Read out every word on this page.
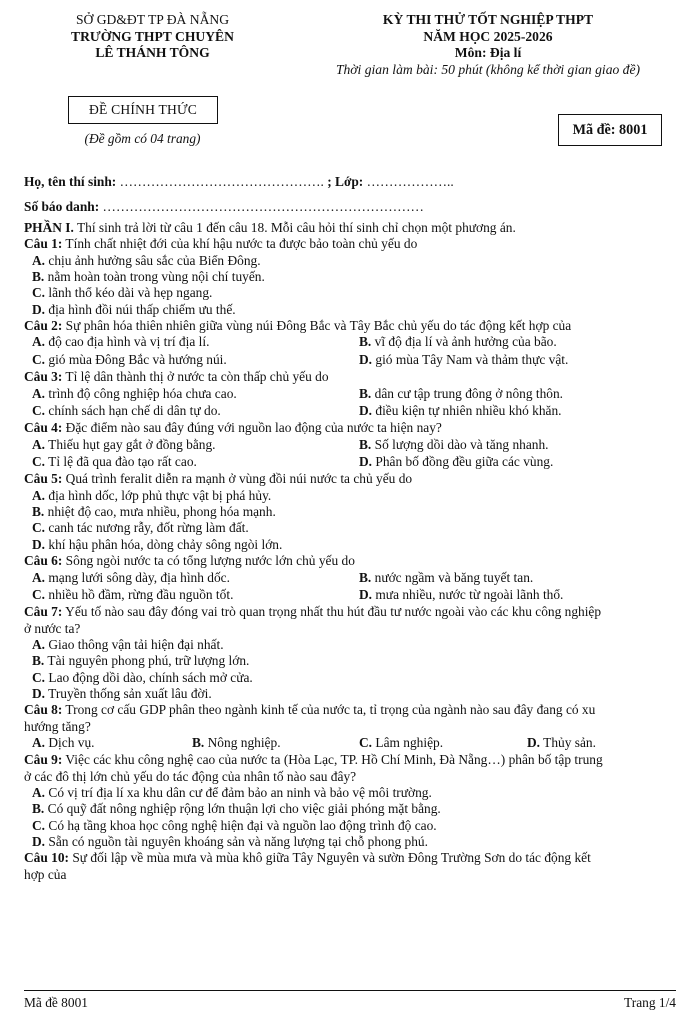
SỞ GD&ĐT TP ĐÀ NẴNG
TRƯỜNG THPT CHUYÊN
LÊ THÁNH TÔNG
ĐỀ CHÍNH THỨC
(Đề gồm có 04 trang)
KỲ THI THỬ TỐT NGHIỆP THPT
NĂM HỌC 2025-2026
Môn: Địa lí
Thời gian làm bài: 50 phút (không kể thời gian giao đề)
Mã đề: 8001
Họ, tên thí sinh: ………………………………………. ; Lớp: ………………..
Số báo danh: ………………………………………………………………
PHẦN I. Thí sinh trả lời từ câu 1 đến câu 18. Mỗi câu hỏi thí sinh chỉ chọn một phương án.
Câu 1: Tính chất nhiệt đới của khí hậu nước ta được bảo toàn chủ yếu do
A. chịu ảnh hưởng sâu sắc của Biển Đông.
B. nằm hoàn toàn trong vùng nội chí tuyến.
C. lãnh thổ kéo dài và hẹp ngang.
D. địa hình đồi núi thấp chiếm ưu thế.
Câu 2: Sự phân hóa thiên nhiên giữa vùng núi Đông Bắc và Tây Bắc chủ yếu do tác động kết hợp của
A. độ cao địa hình và vị trí địa lí.	B. vĩ độ địa lí và ảnh hưởng của bão.
C. gió mùa Đông Bắc và hướng núi.	D. gió mùa Tây Nam và thảm thực vật.
Câu 3: Tỉ lệ dân thành thị ở nước ta còn thấp chủ yếu do
A. trình độ công nghiệp hóa chưa cao.	B. dân cư tập trung đông ở nông thôn.
C. chính sách hạn chế di dân tự do.	D. điều kiện tự nhiên nhiều khó khăn.
Câu 4: Đặc điểm nào sau đây đúng với nguồn lao động của nước ta hiện nay?
A. Thiếu hụt gay gắt ở đồng bằng.	B. Số lượng dồi dào và tăng nhanh.
C. Tỉ lệ đã qua đào tạo rất cao.	D. Phân bố đồng đều giữa các vùng.
Câu 5: Quá trình feralit diễn ra mạnh ở vùng đồi núi nước ta chủ yếu do
A. địa hình dốc, lớp phủ thực vật bị phá hủy.
B. nhiệt độ cao, mưa nhiều, phong hóa mạnh.
C. canh tác nương rẫy, đốt rừng làm đất.
D. khí hậu phân hóa, dòng chảy sông ngòi lớn.
Câu 6: Sông ngòi nước ta có tổng lượng nước lớn chủ yếu do
A. mạng lưới sông dày, địa hình dốc.	B. nước ngầm và băng tuyết tan.
C. nhiều hồ đầm, rừng đầu nguồn tốt.	D. mưa nhiều, nước từ ngoài lãnh thổ.
Câu 7: Yếu tố nào sau đây đóng vai trò quan trọng nhất thu hút đầu tư nước ngoài vào các khu công nghiệp
ở nước ta?
A. Giao thông vận tải hiện đại nhất.
B. Tài nguyên phong phú, trữ lượng lớn.
C. Lao động dồi dào, chính sách mở cửa.
D. Truyền thống sản xuất lâu đời.
Câu 8: Trong cơ cấu GDP phân theo ngành kinh tế của nước ta, tỉ trọng của ngành nào sau đây đang có xu
hướng tăng?
A. Dịch vụ.	B. Nông nghiệp.	C. Lâm nghiệp.	D. Thủy sản.
Câu 9: Việc các khu công nghệ cao của nước ta (Hòa Lạc, TP. Hồ Chí Minh, Đà Nẵng…) phân bố tập trung
ở các đô thị lớn chủ yếu do tác động của nhân tố nào sau đây?
A. Có vị trí địa lí xa khu dân cư để đảm bảo an ninh và bảo vệ môi trường.
B. Có quỹ đất nông nghiệp rộng lớn thuận lợi cho việc giải phóng mặt bằng.
C. Có hạ tầng khoa học công nghệ hiện đại và nguồn lao động trình độ cao.
D. Sẵn có nguồn tài nguyên khoáng sản và năng lượng tại chỗ phong phú.
Câu 10: Sự đối lập về mùa mưa và mùa khô giữa Tây Nguyên và sườn Đông Trường Sơn do tác động kết
hợp của
Mã đề 8001	Trang 1/4
